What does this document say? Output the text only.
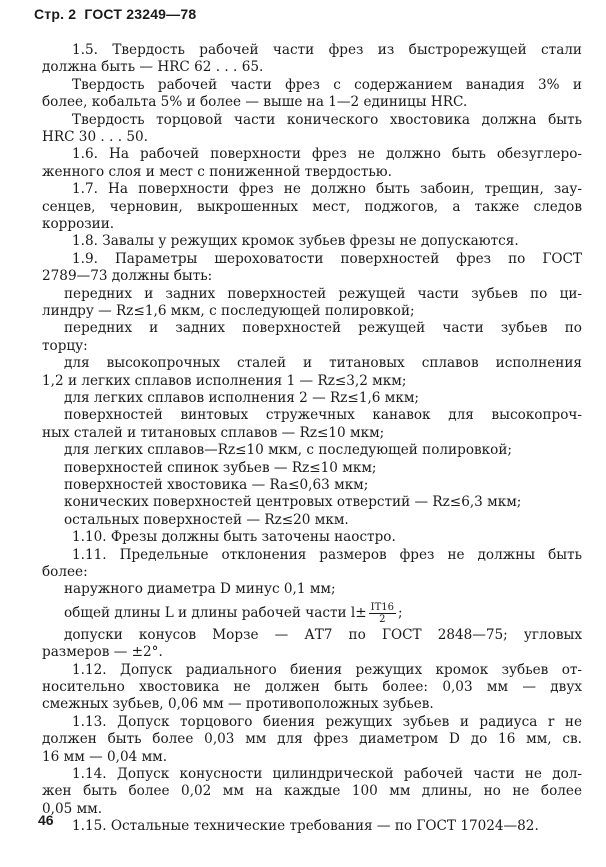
Стр. 2 ГОСТ 23249—78
1.5. Твердость рабочей части фрез из быстрорежущей стали
должна быть — HRC 62 . . . 65.
Твердость рабочей части фрез с содержанием ванадия 3% и
более, кобальта 5% и более — выше на 1—2 единицы HRC.
Твердость торцовой части конического хвостовика должна быть
HRC 30 . . . 50.
1.6. На рабочей поверхности фрез не должно быть обезуглеро-
женного слоя и мест с пониженной твердостью.
1.7. На поверхности фрез не должно быть забоин, трещин, зау-
сенцев, черновин, выкрошенных мест, поджогов, а также следов
коррозии.
1.8. Завалы у режущих кромок зубьев фрезы не допускаются.
1.9. Параметры шероховатости поверхностей фрез по ГОСТ
2789—73 должны быть:
передних и задних поверхностей режущей части зубьев по ци-
линдру — Rz≤1,6 мкм, с последующей полировкой;
передних и задних поверхностей режущей части зубьев по
торцу:
для высокопрочных сталей и титановых сплавов исполнения
1,2 и легких сплавов исполнения 1 — Rz≤3,2 мкм;
для легких сплавов исполнения 2 — Rz≤1,6 мкм;
поверхностей винтовых стружечных канавок для высокопроч-
ных сталей и титановых сплавов — Rz≤10 мкм;
для легких сплавов—Rz≤10 мкм, с последующей полировкой;
поверхностей спинок зубьев — Rz≤10 мкм;
поверхностей хвостовика — Ra≤0,63 мкм;
конических поверхностей центровых отверстий — Rz≤6,3 мкм;
остальных поверхностей — Rz≤20 мкм.
1.10. Фрезы должны быть заточены наостро.
1.11. Предельные отклонения размеров фрез не должны быть
более:
наружного диаметра D минус 0,1 мм;
общей длины L и длины рабочей части $l\pm \frac{IT16}{2}$ ;
допуски конусов Морзе — АТ7 по ГОСТ 2848—75; угловых
размеров — ±2°.
1.12. Допуск радиального биения режущих кромок зубьев от-
носительно хвостовика не должен быть более: 0,03 мм — двух
смежных зубьев, 0,06 мм — противоположных зубьев.
1.13. Допуск торцового биения режущих зубьев и радиуса r не
должен быть более 0,03 мм для фрез диаметром D до 16 мм, св.
16 мм — 0,04 мм.
1.14. Допуск конусности цилиндрической рабочей части не дол-
жен быть более 0,02 мм на каждые 100 мм длины, но не более
0,05 мм.
1.15. Остальные технические требования — по ГОСТ 17024—82.
46
